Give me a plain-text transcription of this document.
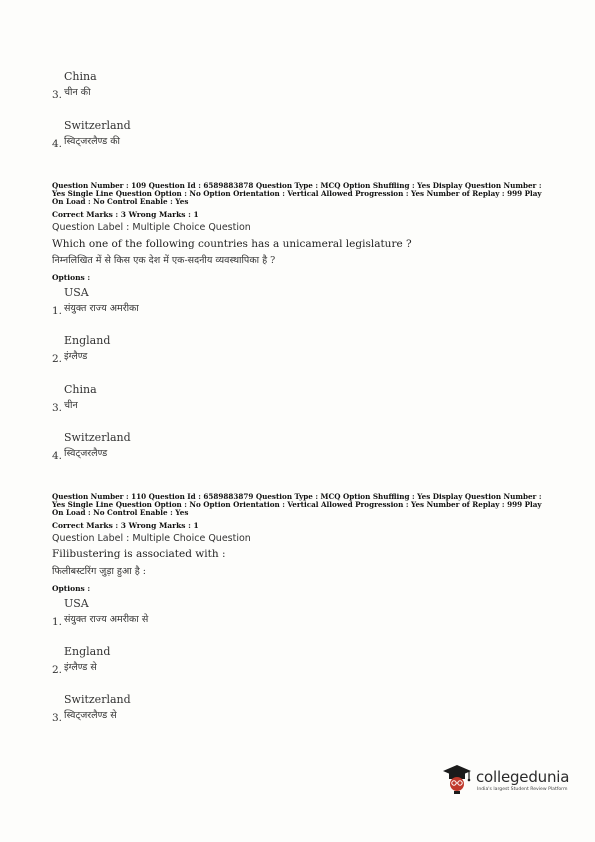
China
चीन की
3.
Switzerland
स्विट्जरलैण्ड की
4.
Question Number : 109 Question Id : 6589883878 Question Type : MCQ Option Shuffling : Yes Display Question Number : Yes Single Line Question Option : No Option Orientation : Vertical Allowed Progression : Yes Number of Replay : 999 Play On Load : No Control Enable : Yes
Correct Marks : 3 Wrong Marks : 1
Question Label : Multiple Choice Question
Which one of the following countries has a unicameral legislature ?
निम्नलिखित में से किस एक देश में एक-सदनीय व्यवस्थापिका है ?
Options :
USA
संयुक्त राज्य अमरीका
1.
England
इंग्लैण्ड
2.
China
चीन
3.
Switzerland
स्विट्जरलैण्ड
4.
Question Number : 110 Question Id : 6589883879 Question Type : MCQ Option Shuffling : Yes Display Question Number : Yes Single Line Question Option : No Option Orientation : Vertical Allowed Progression : Yes Number of Replay : 999 Play On Load : No Control Enable : Yes
Correct Marks : 3 Wrong Marks : 1
Question Label : Multiple Choice Question
Filibustering is associated with :
फिलीबस्टरिंग जुड़ा हुआ है :
Options :
USA
संयुक्त राज्य अमरीका से
1.
England
इंग्लैण्ड से
2.
Switzerland
स्विट्जरलैण्ड से
3.
collegedunia
India's largest Student Review Platform
